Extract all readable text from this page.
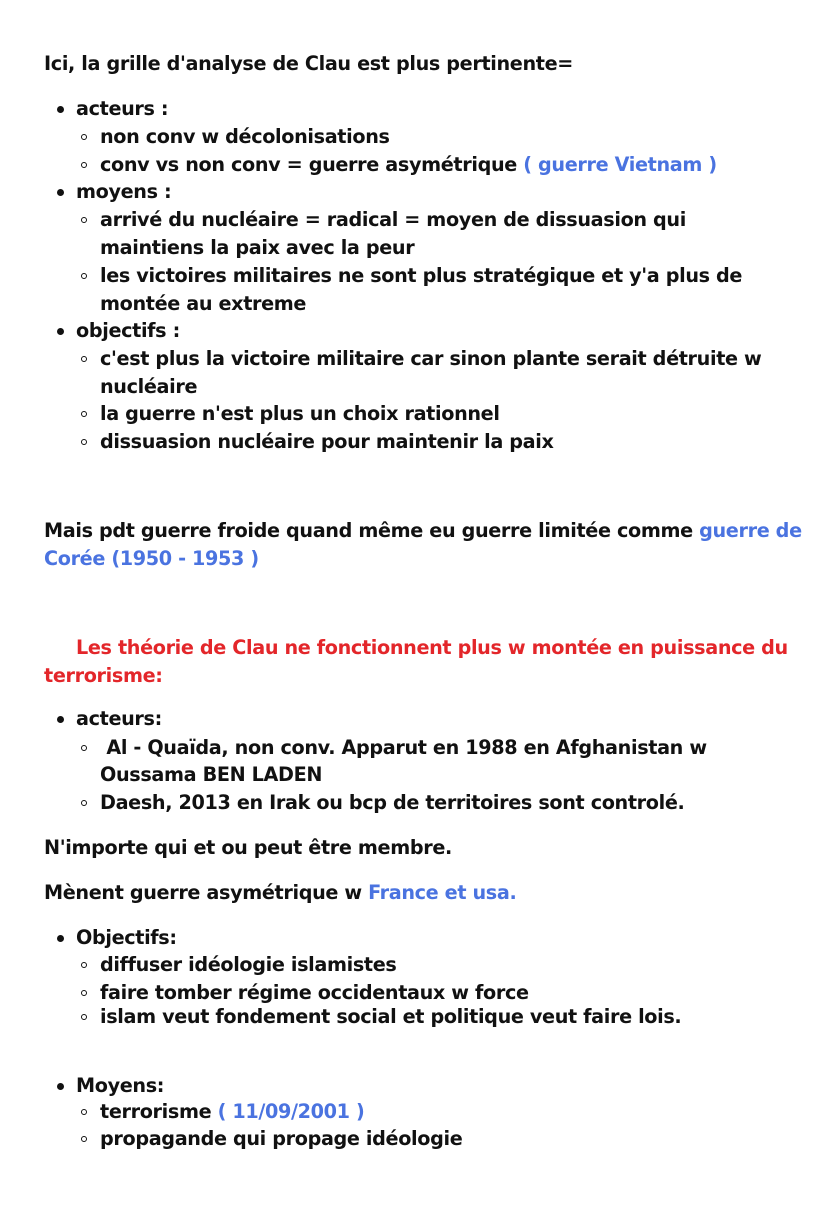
Ici, la grille d'analyse de Clau est plus pertinente=

acteurs :
non conv w décolonisations
conv vs non conv = guerre asymétrique ( guerre Vietnam )
moyens :
arrivé du nucléaire = radical = moyen de dissuasion qui
maintiens la paix avec la peur
les victoires militaires ne sont plus stratégique et y'a plus de
montée au extreme
objectifs :
c'est plus la victoire militaire car sinon plante serait détruite w
nucléaire
la guerre n'est plus un choix rationnel
dissuasion nucléaire pour maintenir la paix

Mais pdt guerre froide quand même eu guerre limitée comme guerre de Corée (1950 - 1953 )

Les théorie de Clau ne fonctionnent plus w montée en puissance du terrorisme:

acteurs:
Al - Quaïda, non conv. Apparut en 1988 en Afghanistan w
Oussama BEN LADEN
Daesh, 2013 en Irak ou bcp de territoires sont controlé.

N'importe qui et ou peut être membre.

Mènent guerre asymétrique w France et usa.

Objectifs:
diffuser idéologie islamistes
faire tomber régime occidentaux w force
islam veut fondement social et politique veut faire lois.
Moyens:
terrorisme ( 11/09/2001 )
propagande qui propage idéologie
